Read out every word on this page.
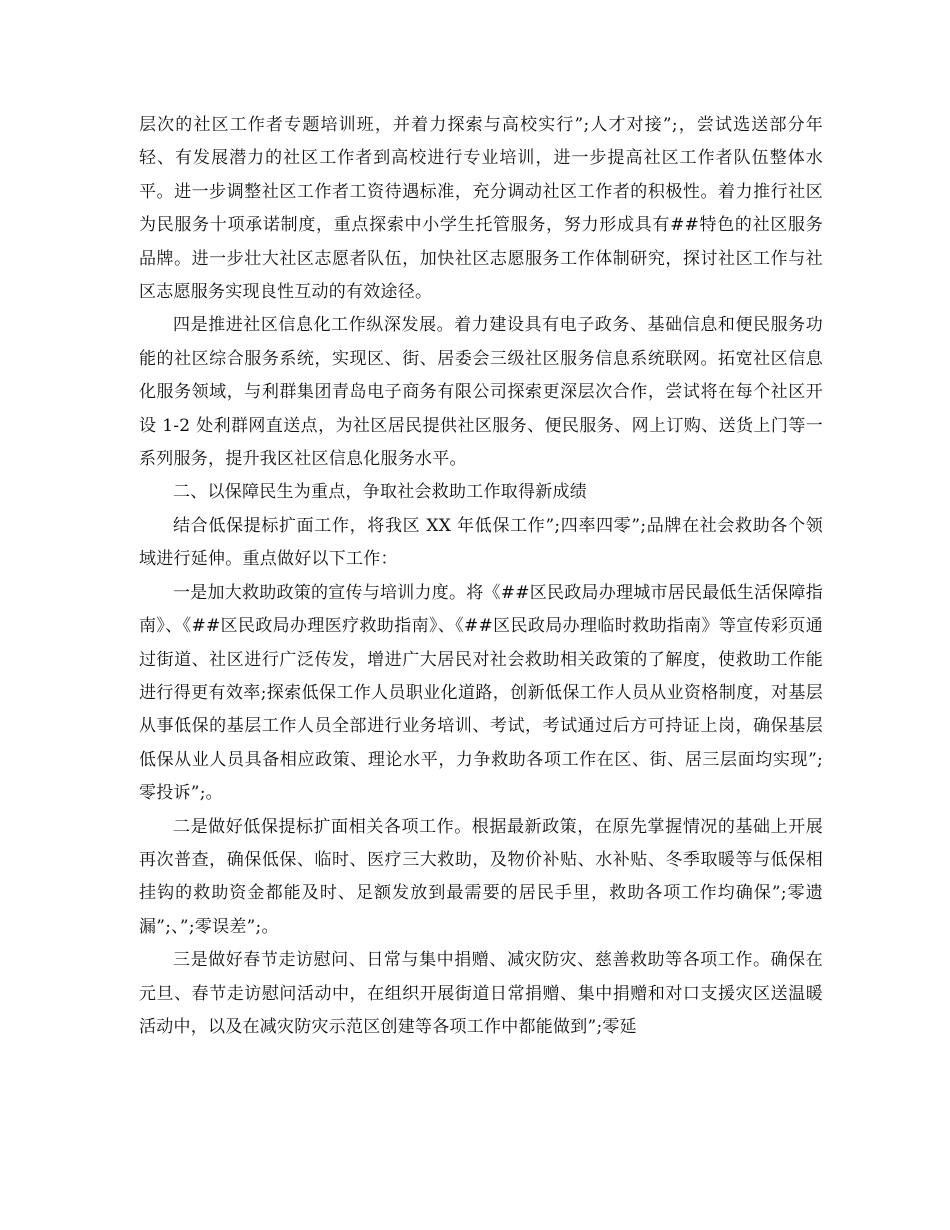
层次的社区工作者专题培训班，并着力探索与高校实行”;人才对接”;，尝试选送部分年轻、有发展潜力的社区工作者到高校进行专业培训，进一步提高社区工作者队伍整体水平。进一步调整社区工作者工资待遇标准，充分调动社区工作者的积极性。着力推行社区为民服务十项承诺制度，重点探索中小学生托管服务，努力形成具有##特色的社区服务品牌。进一步壮大社区志愿者队伍，加快社区志愿服务工作体制研究，探讨社区工作与社区志愿服务实现良性互动的有效途径。

四是推进社区信息化工作纵深发展。着力建设具有电子政务、基础信息和便民服务功能的社区综合服务系统，实现区、街、居委会三级社区服务信息系统联网。拓宽社区信息化服务领域，与利群集团青岛电子商务有限公司探索更深层次合作，尝试将在每个社区开设 1-2 处利群网直送点，为社区居民提供社区服务、便民服务、网上订购、送货上门等一系列服务，提升我区社区信息化服务水平。

二、以保障民生为重点，争取社会救助工作取得新成绩

结合低保提标扩面工作，将我区 XX 年低保工作”;四率四零”;品牌在社会救助各个领域进行延伸。重点做好以下工作：

一是加大救助政策的宣传与培训力度。将《##区民政局办理城市居民最低生活保障指南》、《##区民政局办理医疗救助指南》、《##区民政局办理临时救助指南》等宣传彩页通过街道、社区进行广泛传发，增进广大居民对社会救助相关政策的了解度，使救助工作能进行得更有效率;探索低保工作人员职业化道路，创新低保工作人员从业资格制度，对基层从事低保的基层工作人员全部进行业务培训、考试，考试通过后方可持证上岗，确保基层低保从业人员具备相应政策、理论水平，力争救助各项工作在区、街、居三层面均实现”;零投诉”;。

二是做好低保提标扩面相关各项工作。根据最新政策，在原先掌握情况的基础上开展再次普查，确保低保、临时、医疗三大救助，及物价补贴、水补贴、冬季取暖等与低保相挂钩的救助资金都能及时、足额发放到最需要的居民手里，救助各项工作均确保”;零遗漏”;、”;零误差”;。

三是做好春节走访慰问、日常与集中捐赠、减灾防灾、慈善救助等各项工作。确保在元旦、春节走访慰问活动中，在组织开展街道日常捐赠、集中捐赠和对口支援灾区送温暖活动中，以及在减灾防灾示范区创建等各项工作中都能做到”;零延
